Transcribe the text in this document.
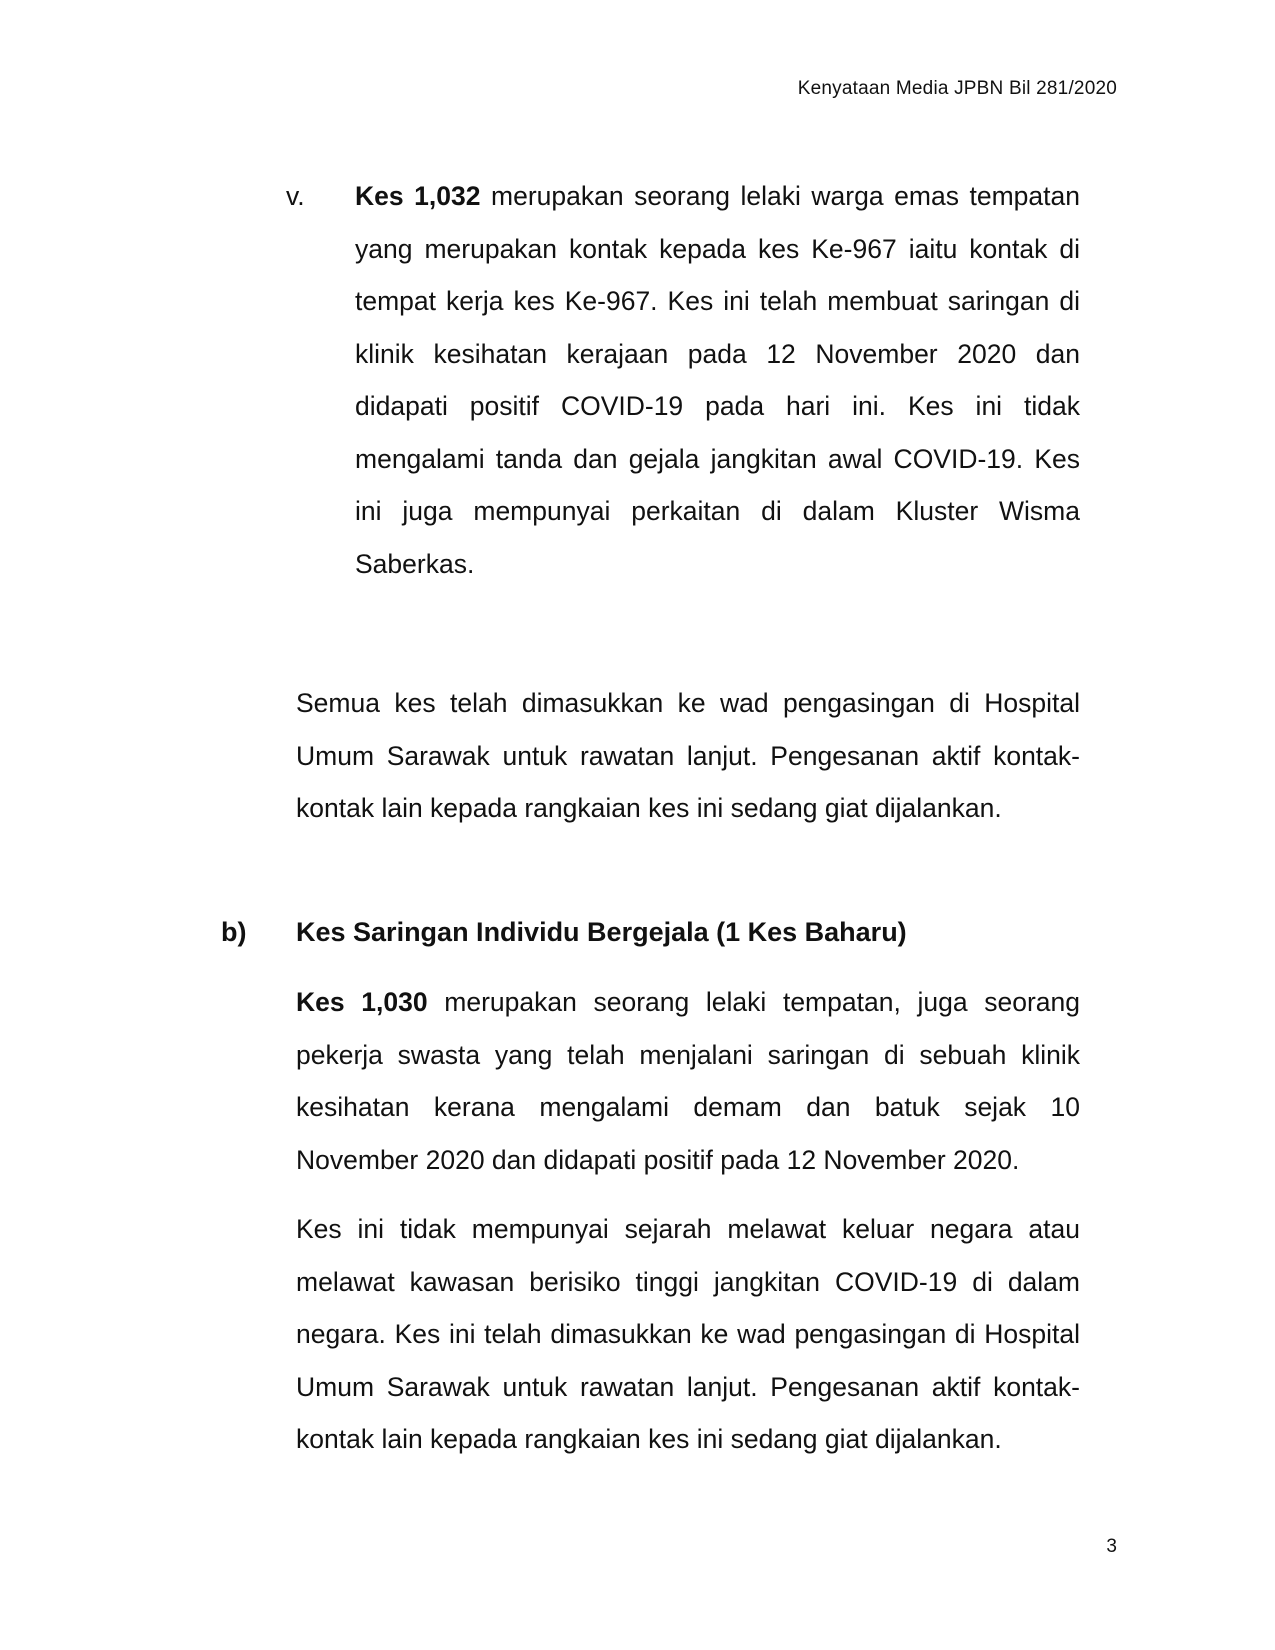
Kenyataan Media JPBN Bil 281/2020
v. Kes 1,032 merupakan seorang lelaki warga emas tempatan yang merupakan kontak kepada kes Ke-967 iaitu kontak di tempat kerja kes Ke-967. Kes ini telah membuat saringan di klinik kesihatan kerajaan pada 12 November 2020 dan didapati positif COVID-19 pada hari ini. Kes ini tidak mengalami tanda dan gejala jangkitan awal COVID-19. Kes ini juga mempunyai perkaitan di dalam Kluster Wisma Saberkas.

Semua kes telah dimasukkan ke wad pengasingan di Hospital Umum Sarawak untuk rawatan lanjut. Pengesanan aktif kontak-kontak lain kepada rangkaian kes ini sedang giat dijalankan.

b) Kes Saringan Individu Bergejala (1 Kes Baharu)

Kes 1,030 merupakan seorang lelaki tempatan, juga seorang pekerja swasta yang telah menjalani saringan di sebuah klinik kesihatan kerana mengalami demam dan batuk sejak 10 November 2020 dan didapati positif pada 12 November 2020.

Kes ini tidak mempunyai sejarah melawat keluar negara atau melawat kawasan berisiko tinggi jangkitan COVID-19 di dalam negara. Kes ini telah dimasukkan ke wad pengasingan di Hospital Umum Sarawak untuk rawatan lanjut. Pengesanan aktif kontak-kontak lain kepada rangkaian kes ini sedang giat dijalankan.

3
